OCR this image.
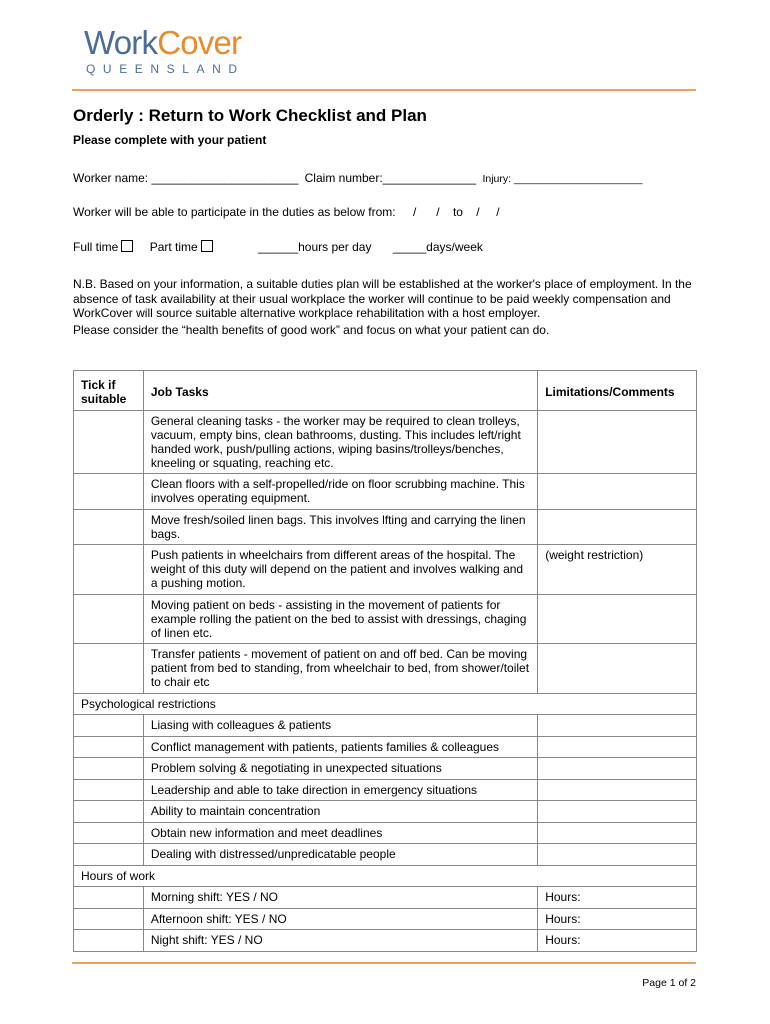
WorkCover
QUEENSLAND
Orderly : Return to Work Checklist and Plan
Please complete with your patient
Worker name: ______________________ Claim number:______________ Injury: ______________________
Worker will be able to participate in the duties as below from: /      /    to    /     /
Full time	Part time	______hours per day _____days/week
N.B. Based on your information, a suitable duties plan will be established at the worker's place of employment. In the absence of task availability at their usual workplace the worker will continue to be paid weekly compensation and WorkCover will source suitable alternative workplace rehabilitation with a host employer.
Please consider the “health benefits of good work” and focus on what your patient can do.
Tick if suitable	Job Tasks	Limitations/Comments

	General cleaning tasks - the worker may be required to clean trolleys, vacuum, empty bins, clean bathrooms, dusting. This includes left/right handed work, push/pulling actions, wiping basins/trolleys/benches, kneeling or squating, reaching etc.	

	Clean floors with a self-propelled/ride on floor scrubbing machine. This involves operating equipment.	

	Move fresh/soiled linen bags. This involves lfting and carrying the linen bags.	

	Push patients in wheelchairs from different areas of the hospital. The weight of this duty will depend on the patient and involves walking and a pushing motion.	(weight restriction)

	Moving patient on beds - assisting in the movement of patients for example rolling the patient on the bed to assist with dressings, chaging of linen etc.	

	Transfer patients - movement of patient on and off bed. Can be moving patient from bed to standing, from wheelchair to bed, from shower/toilet to chair etc	

Psychological restrictions		

	Liasing with colleagues & patients	

	Conflict management with patients, patients families & colleagues	

	Problem solving & negotiating in unexpected situations	

	Leadership and able to take direction in emergency situations	

	Ability to maintain concentration	

	Obtain new information and meet deadlines	

	Dealing with distressed/unpredicatable people	

Hours of work		

	Morning shift: YES / NO	Hours:

	Afternoon shift: YES / NO	Hours:

	Night shift: YES / NO	Hours:
Page 1 of 2
